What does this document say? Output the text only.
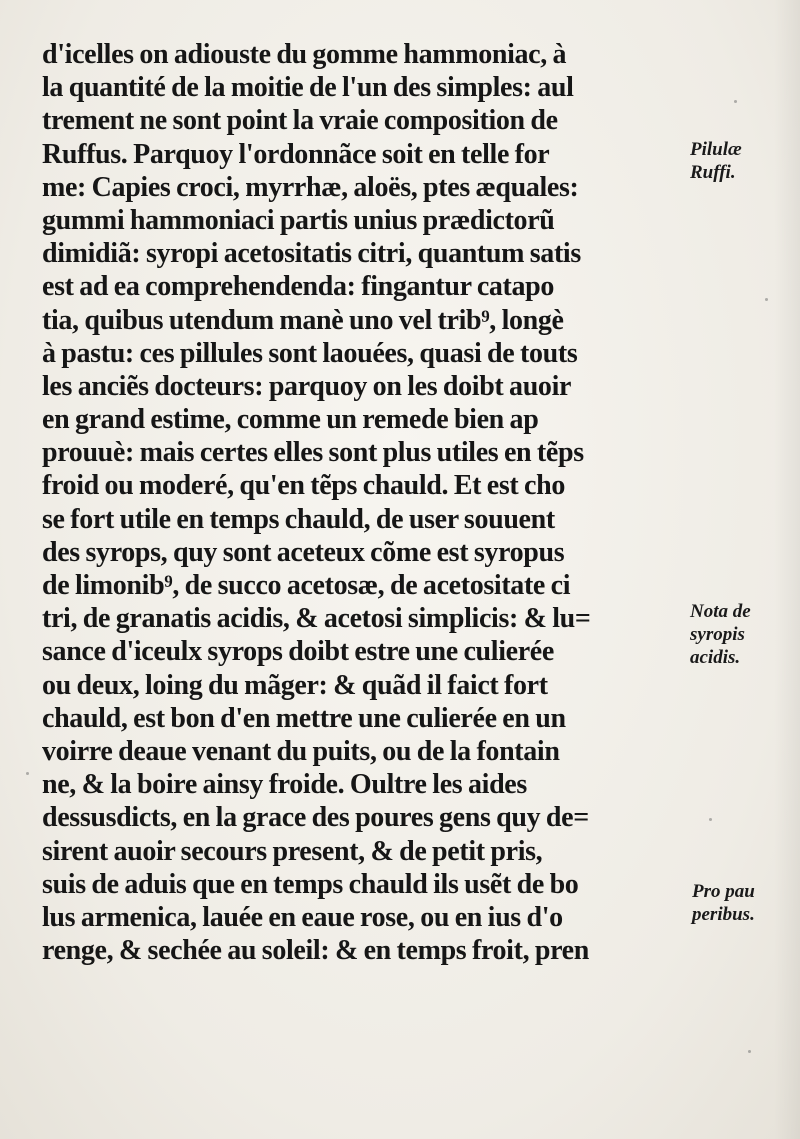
d'icelles on adiouste du gomme hammoniac, à
la quantité de la moitie de l'un des simples: aul
trement ne sont point la vraie composition de
Ruffus. Parquoy l'ordonnãce soit en telle for
me: Capies croci, myrrhæ, aloës, ptes æquales:
gummi hammoniaci partis unius prædictorũ
dimidiã: syropi acetositatis citri, quantum satis
est ad ea comprehendenda: fingantur catapo
tia, quibus utendum manè uno vel trib⁹, longè
à pastu: ces pillules sont laouées, quasi de touts
les anciẽs docteurs: parquoy on les doibt auoir
en grand estime, comme un remede bien ap
prouuè: mais certes elles sont plus utiles en tẽps
froid ou moderé, qu'en tẽps chauld. Et est cho
se fort utile en temps chauld, de user souuent
des syrops, quy sont aceteux cõme est syropus
de limonib⁹, de succo acetosæ, de acetositate ci
tri, de granatis acidis, & acetosi simplicis: & lu=
sance d'iceulx syrops doibt estre une culierée
ou deux, loing du mãger: & quãd il faict fort
chauld, est bon d'en mettre une culierée en un
voirre deaue venant du puits, ou de la fontain
ne, & la boire ainsy froide. Oultre les aides
dessusdicts, en la grace des poures gens quy de=
sirent auoir secours present, & de petit pris,
suis de aduis que en temps chauld ils usẽt de bo
lus armenica, lauée en eaue rose, ou en ius d'o
renge, & sechée au soleil: & en temps froit, pren
Pilulæ
Ruffi.
Nota de
syropis
acidis.
Pro pau
peribus.
